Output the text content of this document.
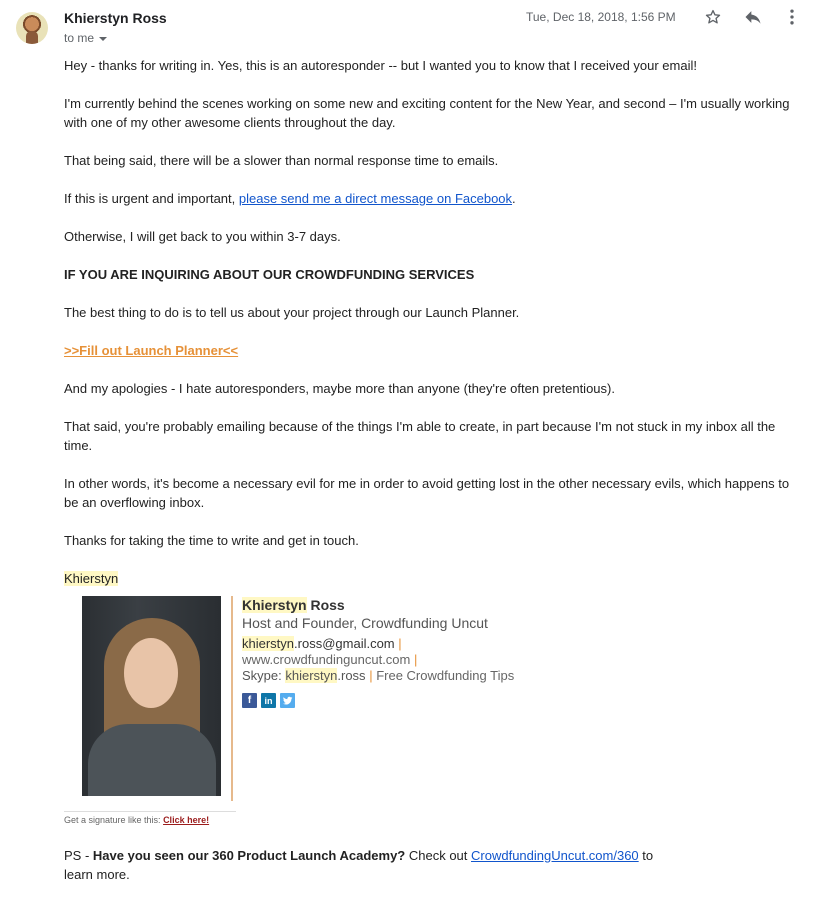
Khierstyn Ross
to me
Tue, Dec 18, 2018, 1:56 PM

Hey - thanks for writing in. Yes, this is an autoresponder -- but I wanted you to know that I received your email!

I'm currently behind the scenes working on some new and exciting content for the New Year, and second – I'm usually working with one of my other awesome clients throughout the day.

That being said, there will be a slower than normal response time to emails.

If this is urgent and important, please send me a direct message on Facebook.

Otherwise, I will get back to you within 3-7 days.

IF YOU ARE INQUIRING ABOUT OUR CROWDFUNDING SERVICES

The best thing to do is to tell us about your project through our Launch Planner.

>>Fill out Launch Planner<<

And my apologies - I hate autoresponders, maybe more than anyone (they're often pretentious).

That said, you're probably emailing because of the things I'm able to create, in part because I'm not stuck in my inbox all the time.

In other words, it's become a necessary evil for me in order to avoid getting lost in the other necessary evils, which happens to be an overflowing inbox.

Thanks for taking the time to write and get in touch.

Khierstyn

Khierstyn Ross
Host and Founder, Crowdfunding Uncut
khierstyn.ross@gmail.com |
www.crowdfundinguncut.com |
Skype: khierstyn.ross | Free Crowdfunding Tips
f	in
Get a signature like this: Click here!
PS - Have you seen our 360 Product Launch Academy? Check out CrowdfundingUncut.com/360 to learn more.
